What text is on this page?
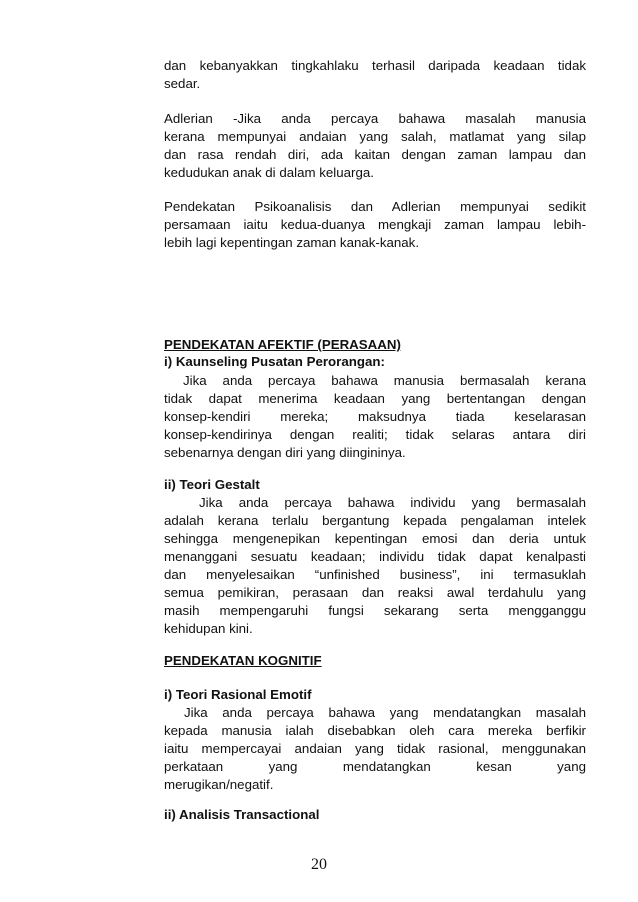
dan kebanyakkan tingkahlaku terhasil daripada keadaan tidak
sedar.
Adlerian -Jika anda percaya bahawa masalah manusia
kerana mempunyai andaian yang salah, matlamat yang silap
dan rasa rendah diri, ada kaitan dengan zaman lampau dan
kedudukan anak di dalam keluarga.
Pendekatan Psikoanalisis dan Adlerian mempunyai sedikit
persamaan iaitu kedua-duanya mengkaji zaman lampau lebih-
lebih lagi kepentingan zaman kanak-kanak.
PENDEKATAN AFEKTIF (PERASAAN)
i) Kaunseling Pusatan Perorangan:
Jika anda percaya bahawa manusia bermasalah kerana
tidak dapat menerima keadaan yang bertentangan dengan
konsep-kendiri mereka; maksudnya tiada keselarasan
konsep-kendirinya dengan realiti; tidak selaras antara diri
sebenarnya dengan diri yang diingininya.
ii) Teori Gestalt
Jika anda percaya bahawa individu yang bermasalah
adalah kerana terlalu bergantung kepada pengalaman intelek
sehingga mengenepikan kepentingan emosi dan deria untuk
menanggani sesuatu keadaan; individu tidak dapat kenalpasti
dan menyelesaikan “unfinished business”, ini termasuklah
semua pemikiran, perasaan dan reaksi awal terdahulu yang
masih mempengaruhi fungsi sekarang serta mengganggu
kehidupan kini.
PENDEKATAN KOGNITIF
i) Teori Rasional Emotif
Jika anda percaya bahawa yang mendatangkan masalah
kepada manusia ialah disebabkan oleh cara mereka berfikir
iaitu mempercayai andaian yang tidak rasional, menggunakan
perkataan yang mendatangkan kesan yang
merugikan/negatif.
ii) Analisis Transactional
20
